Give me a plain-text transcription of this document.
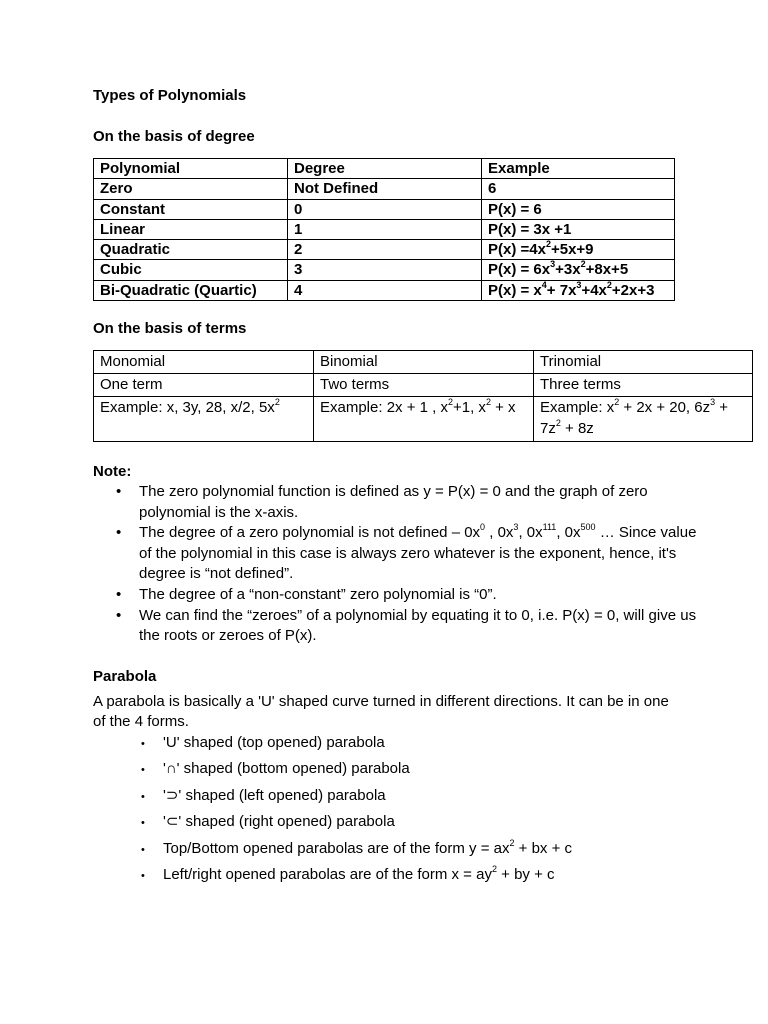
Types of Polynomials
On the basis of degree
Polynomial	Degree	Example
Zero	Not Defined	6
Constant	0	P(x) = 6
Linear	1	P(x) = 3x +1
Quadratic	2	$P(x) =4x^2+5x+9$
Cubic	3	$P(x) = 6x^3+3x^2+8x+5$
Bi-Quadratic (Quartic)	4	$P(x) = x^4+ 7x^3+4x^2+2x+3$
On the basis of terms
Monomial	Binomial	Trinomial
One term	Two terms	Three terms
Example: x, 3y, 28, x/2, $5x^2$	Example: 2x + 1 , $x^2+1$, $x^2 + x$	Example: $x^2 + 2x + 20$, $6z^3 + 7z^2 + 8z$
Note:
• The zero polynomial function is defined as y = P(x) = 0 and the graph of zero polynomial is the x-axis.
• The degree of a zero polynomial is not defined – $0x^0$ , $0x^3$, $0x^{111}$, $0x^{500}$ … Since value of the polynomial in this case is always zero whatever is the exponent, hence, it's degree is “not defined”.
• The degree of a “non-constant” zero polynomial is “0”.
• We can find the “zeroes” of a polynomial by equating it to 0, i.e. P(x) = 0, will give us the roots or zeroes of P(x).
Parabola
A parabola is basically a 'U' shaped curve turned in different directions. It can be in one of the 4 forms.
• 'U' shaped (top opened) parabola
• '∩' shaped (bottom opened) parabola
• '⊃' shaped (left opened) parabola
• '⊂' shaped (right opened) parabola
• Top/Bottom opened parabolas are of the form $y = ax^2$ + bx + c
• Left/right opened parabolas are of the form $x = ay^2$ + by + c
